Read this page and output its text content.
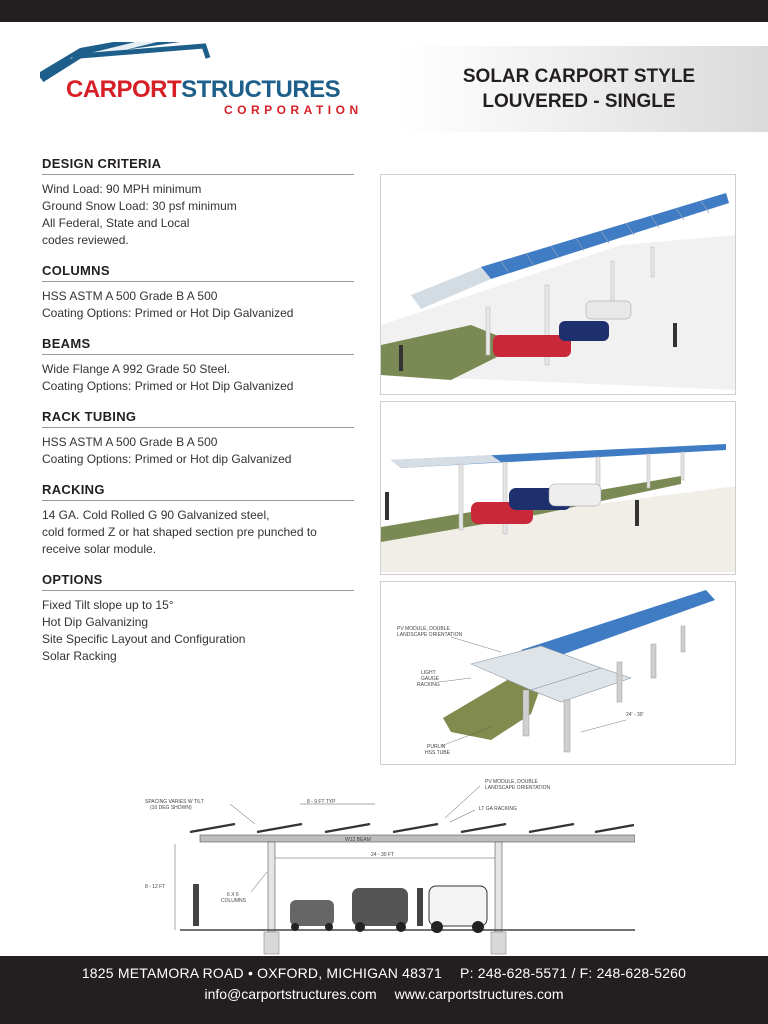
CARPORTSTRUCTURES
CORPORATION
SOLAR CARPORT STYLE
LOUVERED - SINGLE
DESIGN CRITERIA

Wind Load: 90 MPH minimum

Ground Snow Load: 30 psf minimum

All Federal, State and Local

codes reviewed.

COLUMNS

HSS ASTM A 500 Grade B A 500

Coating Options: Primed or Hot Dip Galvanized

BEAMS

Wide Flange A 992 Grade 50 Steel.

Coating Options: Primed or Hot Dip Galvanized

RACK TUBING

HSS ASTM A 500 Grade B A 500

Coating Options: Primed or Hot dip Galvanized

RACKING

14 GA. Cold Rolled G 90 Galvanized steel,

cold formed Z or hat shaped section pre punched to

receive solar module.

OPTIONS

Fixed Tilt slope up to 15°

Hot Dip Galvanizing

Site Specific Layout and Configuration

Solar Racking

PV MODULE, DOUBLE
LANDSCAPE ORIENTATION
LIGHT
GAUGE
RACKING
24' - 30'
PURLIN
HSS TUBE
W12 BEAM
SPACING VARIES W TILT
(10 DEG SHOWN)
8 - 9 FT TYP
PV MODULE, DOUBLE
LANDSCAPE ORIENTATION
LT GA RACKING
24 - 30 FT
8 - 12 FT
6 X 6
COLUMNS
1825 METAMORA ROAD • OXFORD, MICHIGAN 48371 P: 248-628-5571 / F: 248-628-5260
info@carportstructures.com www.carportstructures.com
